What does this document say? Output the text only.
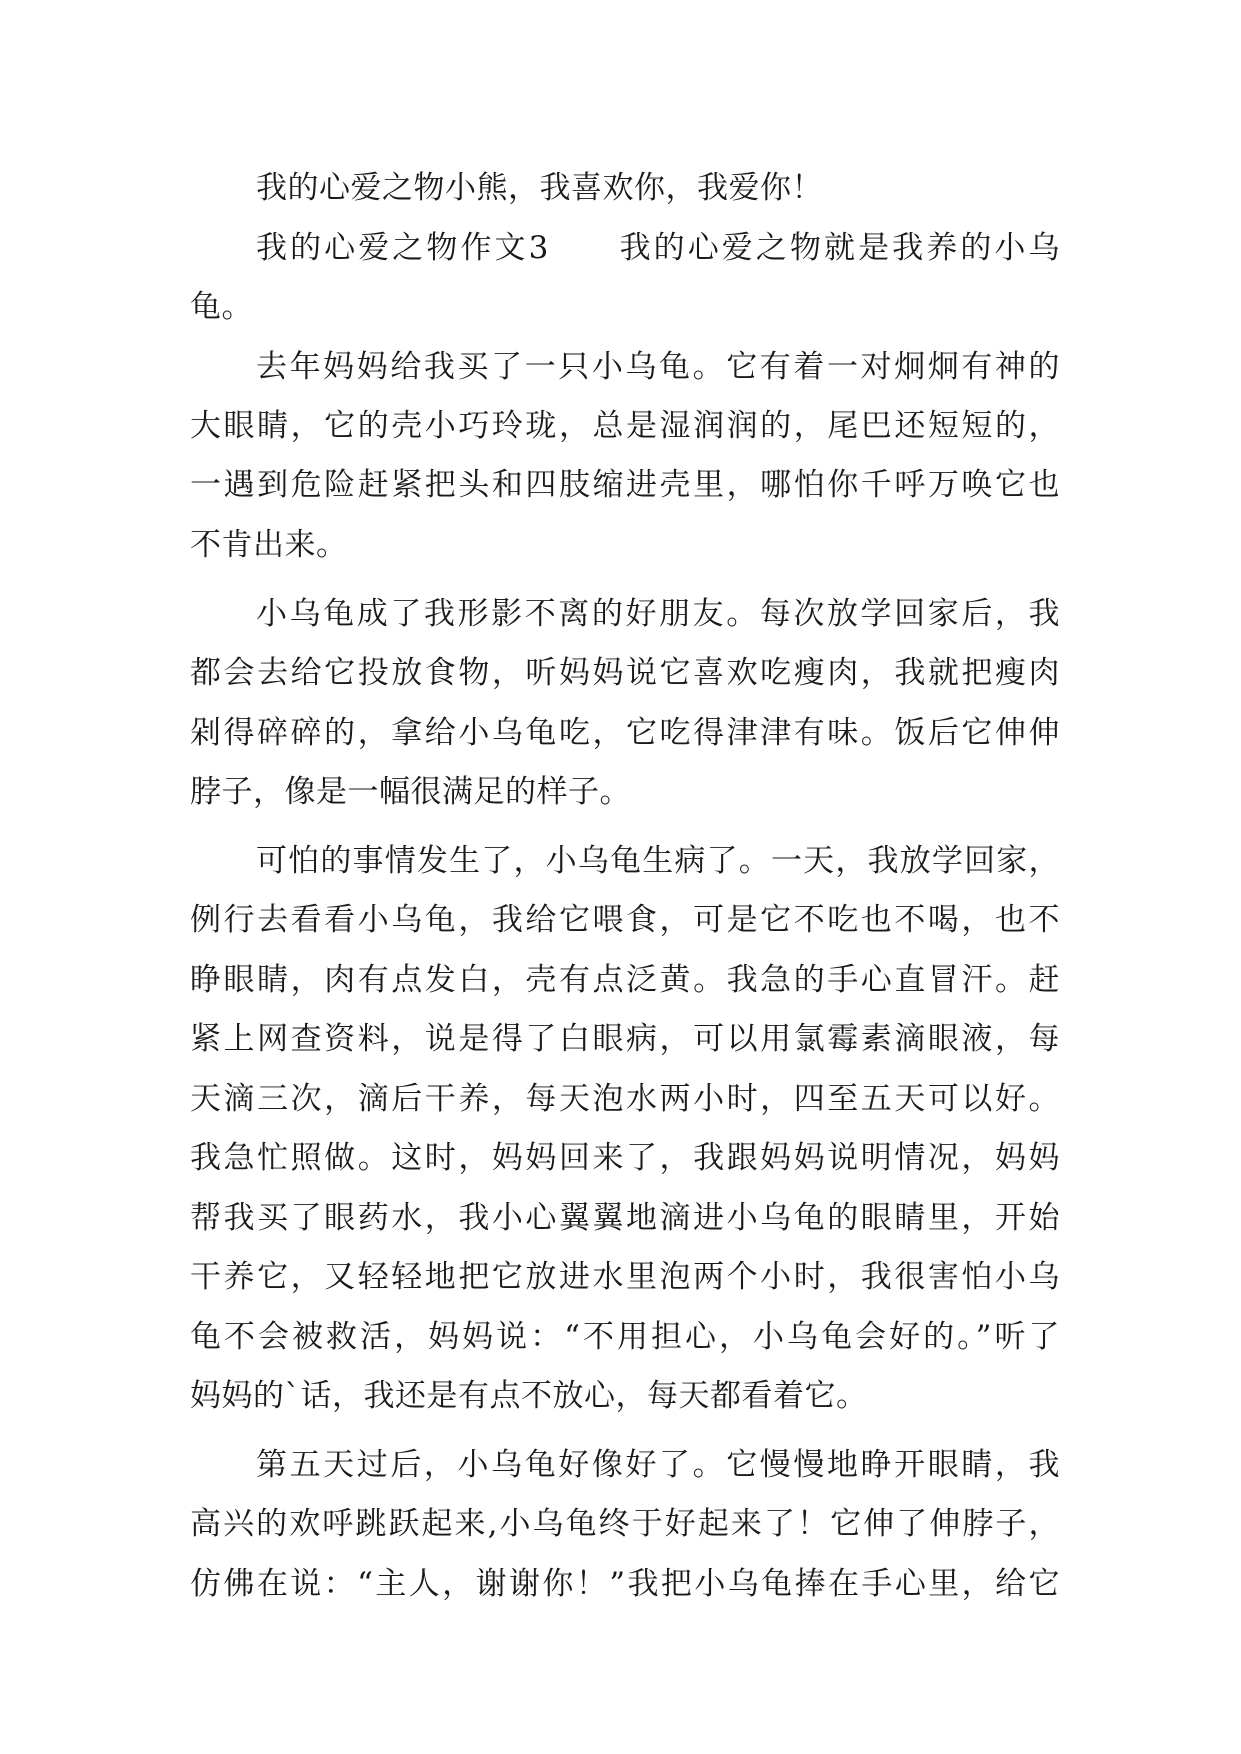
我的心爱之物小熊，我喜欢你，我爱你！
我的心爱之物作文3　　我的心爱之物就是我养的小乌
龟。
去年妈妈给我买了一只小乌龟。它有着一对炯炯有神的
大眼睛，它的壳小巧玲珑，总是湿润润的，尾巴还短短的，
一遇到危险赶紧把头和四肢缩进壳里，哪怕你千呼万唤它也
不肯出来。
小乌龟成了我形影不离的好朋友。每次放学回家后，我
都会去给它投放食物，听妈妈说它喜欢吃瘦肉，我就把瘦肉
剁得碎碎的，拿给小乌龟吃，它吃得津津有味。饭后它伸伸
脖子，像是一幅很满足的样子。
可怕的事情发生了，小乌龟生病了。一天，我放学回家，
例行去看看小乌龟，我给它喂食，可是它不吃也不喝，也不
睁眼睛，肉有点发白，壳有点泛黄。我急的手心直冒汗。赶
紧上网查资料，说是得了白眼病，可以用氯霉素滴眼液，每
天滴三次，滴后干养，每天泡水两小时，四至五天可以好。
我急忙照做。这时，妈妈回来了，我跟妈妈说明情况，妈妈
帮我买了眼药水，我小心翼翼地滴进小乌龟的眼睛里，开始
干养它，又轻轻地把它放进水里泡两个小时，我很害怕小乌
龟不会被救活，妈妈说：“不用担心，小乌龟会好的。”听了
妈妈的`话，我还是有点不放心，每天都看着它。
第五天过后，小乌龟好像好了。它慢慢地睁开眼睛，我
高兴的欢呼跳跃起来,小乌龟终于好起来了！它伸了伸脖子，
仿佛在说：“主人，谢谢你！”我把小乌龟捧在手心里，给它
